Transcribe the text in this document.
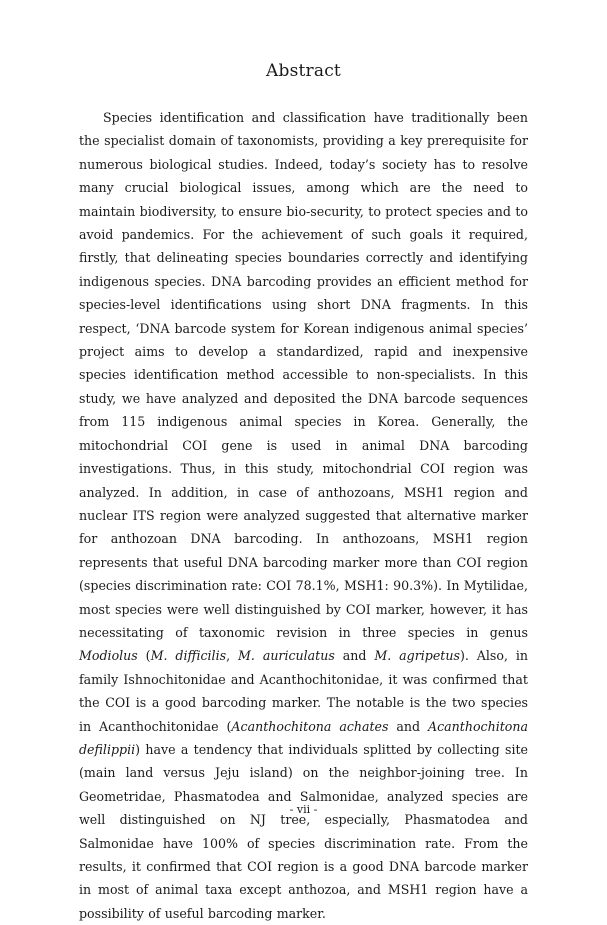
Abstract

Species identification and classification have traditionally been the specialist domain of taxonomists, providing a key prerequisite for numerous biological studies. Indeed, today’s society has to resolve many crucial biological issues, among which are the need to maintain biodiversity, to ensure bio-security, to protect species and to avoid pandemics. For the achievement of such goals it required, firstly, that delineating species boundaries correctly and identifying indigenous species. DNA barcoding provides an efficient method for species-level identifications using short DNA fragments. In this respect, ‘DNA barcode system for Korean indigenous animal species’ project aims to develop a standardized, rapid and inexpensive species identification method accessible to non-specialists. In this study, we have analyzed and deposited the DNA barcode sequences from 115 indigenous animal species in Korea. Generally, the mitochondrial COI gene is used in animal DNA barcoding investigations. Thus, in this study, mitochondrial COI region was analyzed. In addition, in case of anthozoans, MSH1 region and nuclear ITS region were analyzed suggested that alternative marker for anthozoan DNA barcoding. In anthozoans, MSH1 region represents that useful DNA barcoding marker more than COI region (species discrimination rate: COI 78.1%, MSH1: 90.3%). In Mytilidae, most species were well distinguished by COI marker, however, it has necessitating of taxonomic revision in three species in genus Modiolus (M. difficilis, M. auriculatus and M. agripetus). Also, in family Ishnochitonidae and Acanthochitonidae, it was confirmed that the COI is a good barcoding marker. The notable is the two species in Acanthochitonidae (Acanthochitona achates and Acanthochitona defilippii) have a tendency that individuals splitted by collecting site (main land versus Jeju island) on the neighbor-joining tree. In Geometridae, Phasmatodea and Salmonidae, analyzed species are well distinguished on NJ tree, especially, Phasmatodea and Salmonidae have 100% of species discrimination rate. From the results, it confirmed that COI region is a good DNA barcode marker in most of animal taxa except anthozoa, and MSH1 region have a possibility of useful barcoding marker.

- vii -
